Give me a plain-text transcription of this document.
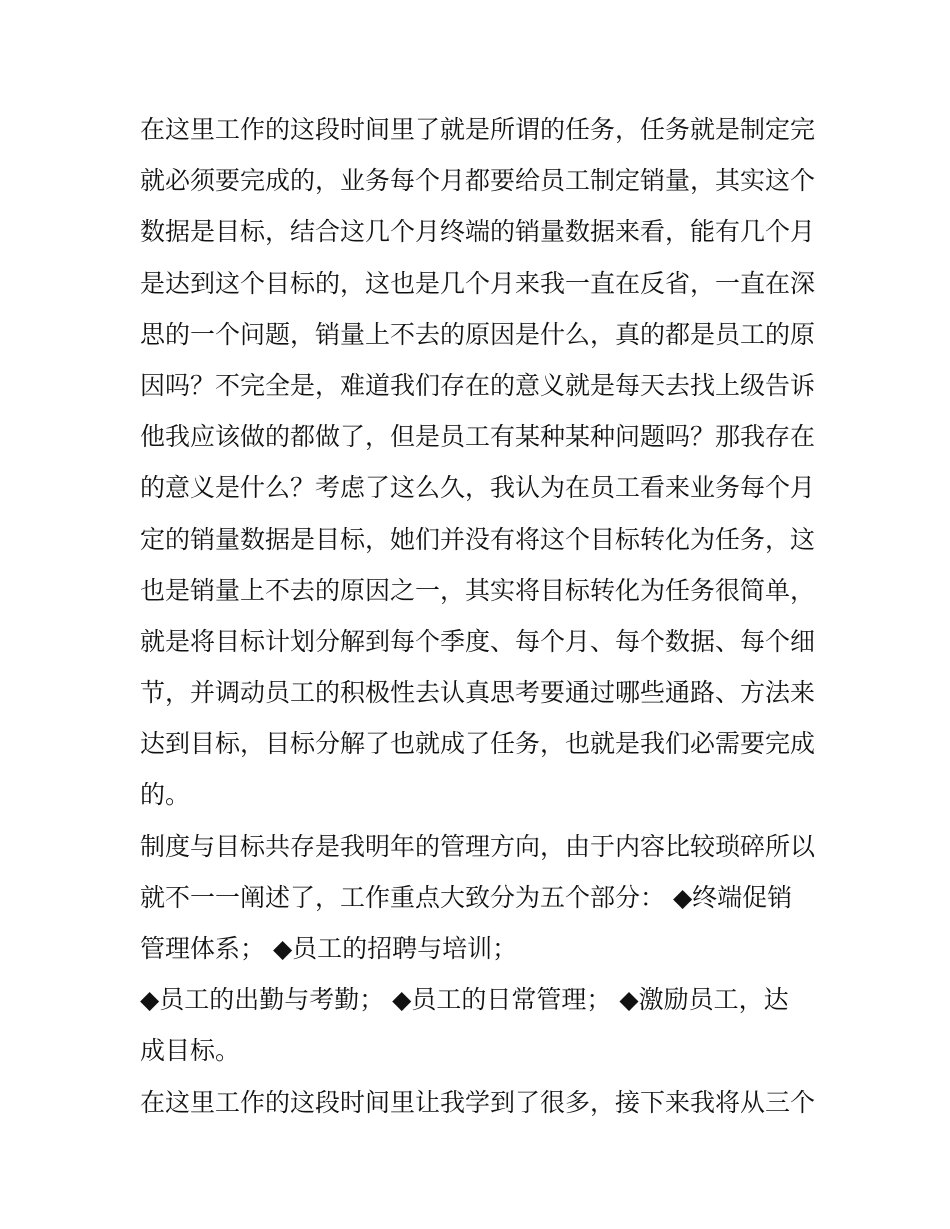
在这里工作的这段时间里了就是所谓的任务，任务就是制定完
就必须要完成的，业务每个月都要给员工制定销量，其实这个
数据是目标，结合这几个月终端的销量数据来看，能有几个月
是达到这个目标的，这也是几个月来我一直在反省，一直在深
思的一个问题，销量上不去的原因是什么，真的都是员工的原
因吗？不完全是，难道我们存在的意义就是每天去找上级告诉
他我应该做的都做了，但是员工有某种某种问题吗？那我存在
的意义是什么？考虑了这么久，我认为在员工看来业务每个月
定的销量数据是目标，她们并没有将这个目标转化为任务，这
也是销量上不去的原因之一，其实将目标转化为任务很简单，
就是将目标计划分解到每个季度、每个月、每个数据、每个细
节，并调动员工的积极性去认真思考要通过哪些通路、方法来
达到目标，目标分解了也就成了任务，也就是我们必需要完成
的。
制度与目标共存是我明年的管理方向，由于内容比较琐碎所以
就不一一阐述了，工作重点大致分为五个部分： ◆终端促销
管理体系； ◆员工的招聘与培训；
◆员工的出勤与考勤； ◆员工的日常管理； ◆激励员工，达
成目标。
在这里工作的这段时间里让我学到了很多，接下来我将从三个
